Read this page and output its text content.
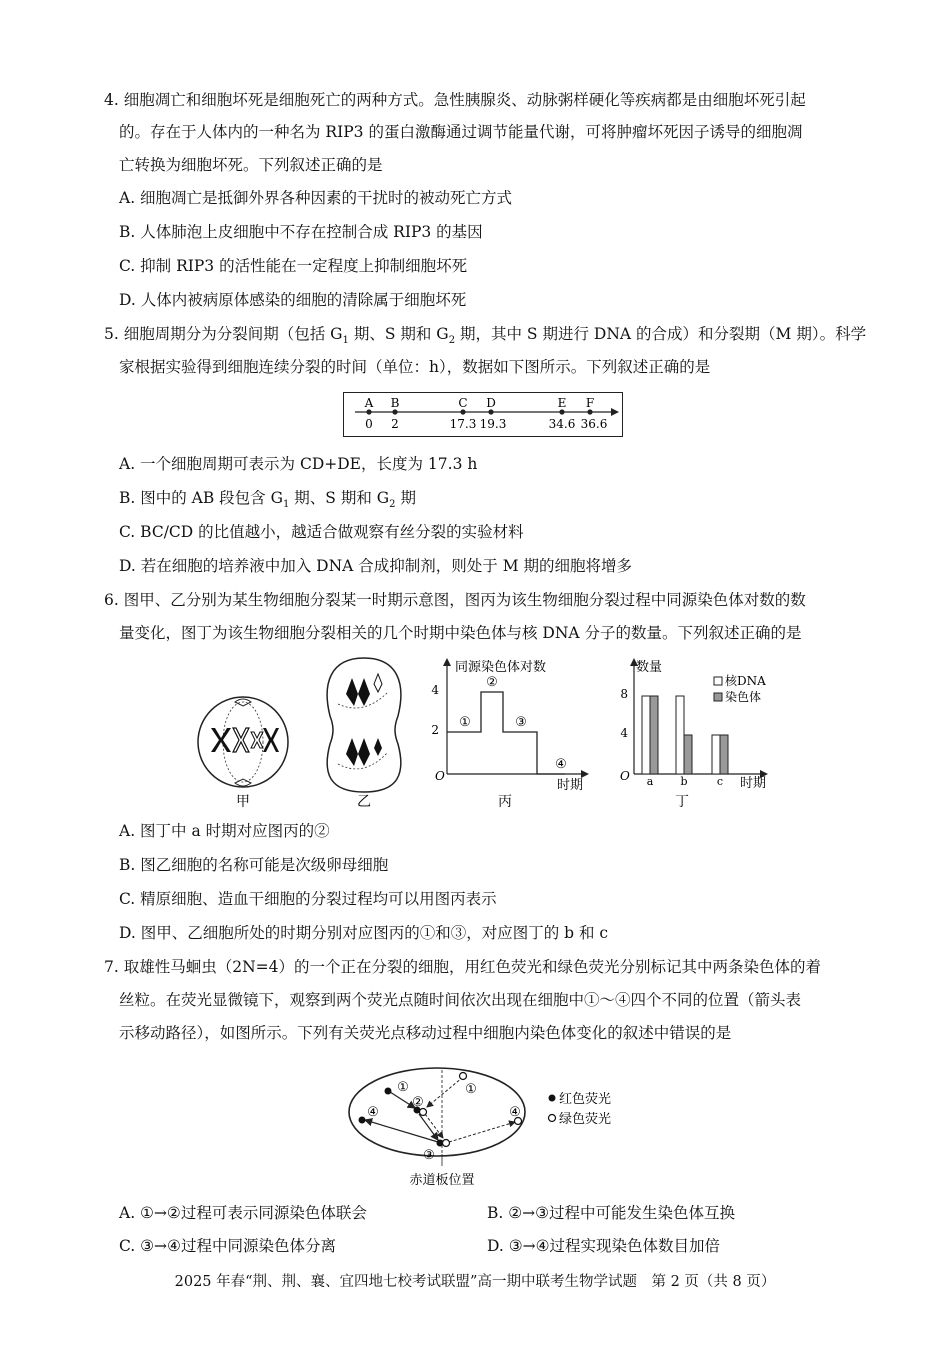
4. 细胞凋亡和细胞坏死是细胞死亡的两种方式。急性胰腺炎、动脉粥样硬化等疾病都是由细胞坏死引起
的。存在于人体内的一种名为 RIP3 的蛋白激酶通过调节能量代谢，可将肿瘤坏死因子诱导的细胞凋
亡转换为细胞坏死。下列叙述正确的是
A. 细胞凋亡是抵御外界各种因素的干扰时的被动死亡方式
B. 人体肺泡上皮细胞中不存在控制合成 RIP3 的基因
C. 抑制 RIP3 的活性能在一定程度上抑制细胞坏死
D. 人体内被病原体感染的细胞的清除属于细胞坏死
5. 细胞周期分为分裂间期（包括 $G_1$ 期、S 期和 $G_2$ 期，其中 S 期进行 DNA 的合成）和分裂期（M 期）。科学
家根据实验得到细胞连续分裂的时间（单位：h），数据如下图所示。下列叙述正确的是
A
0
B
2
C
17.3
D
19.3
E
34.6
F
36.6
A. 一个细胞周期可表示为 CD+DE，长度为 17.3 h
B. 图中的 AB 段包含 $G_1$ 期、S 期和 $G_2$ 期
C. BC/CD 的比值越小，越适合做观察有丝分裂的实验材料
D. 若在细胞的培养液中加入 DNA 合成抑制剂，则处于 M 期的细胞将增多
6. 图甲、乙分别为某生物细胞分裂某一时期示意图，图丙为该生物细胞分裂过程中同源染色体对数的数
量变化，图丁为该生物细胞分裂相关的几个时期中染色体与核 DNA 分子的数量。下列叙述正确的是
甲	乙
同源染色体对数
2
4
O
①
②
③
④
时期
丙
数量
4
8
O a b	c
核DNA
染色体
时期
丁
A. 图丁中 a 时期对应图丙的②
B. 图乙细胞的名称可能是次级卵母细胞
C. 精原细胞、造血干细胞的分裂过程均可以用图丙表示
D. 图甲、乙细胞所处的时期分别对应图丙的①和③，对应图丁的 b 和 c
7. 取雄性马蛔虫（2N=4）的一个正在分裂的细胞，用红色荧光和绿色荧光分别标记其中两条染色体的着
丝粒。在荧光显微镜下，观察到两个荧光点随时间依次出现在细胞中①～④四个不同的位置（箭头表
示移动路径），如图所示。下列有关荧光点移动过程中细胞内染色体变化的叙述中错误的是
①	①
②
③
④	④
赤道板位置
红色荧光
绿色荧光
A. ①→②过程可表示同源染色体联会	B. ②→③过程中可能发生染色体互换
C. ③→④过程中同源染色体分离	D. ③→④过程实现染色体数目加倍
2025 年春“荆、荆、襄、宜四地七校考试联盟”高一期中联考生物学试题　第 2 页（共 8 页）
